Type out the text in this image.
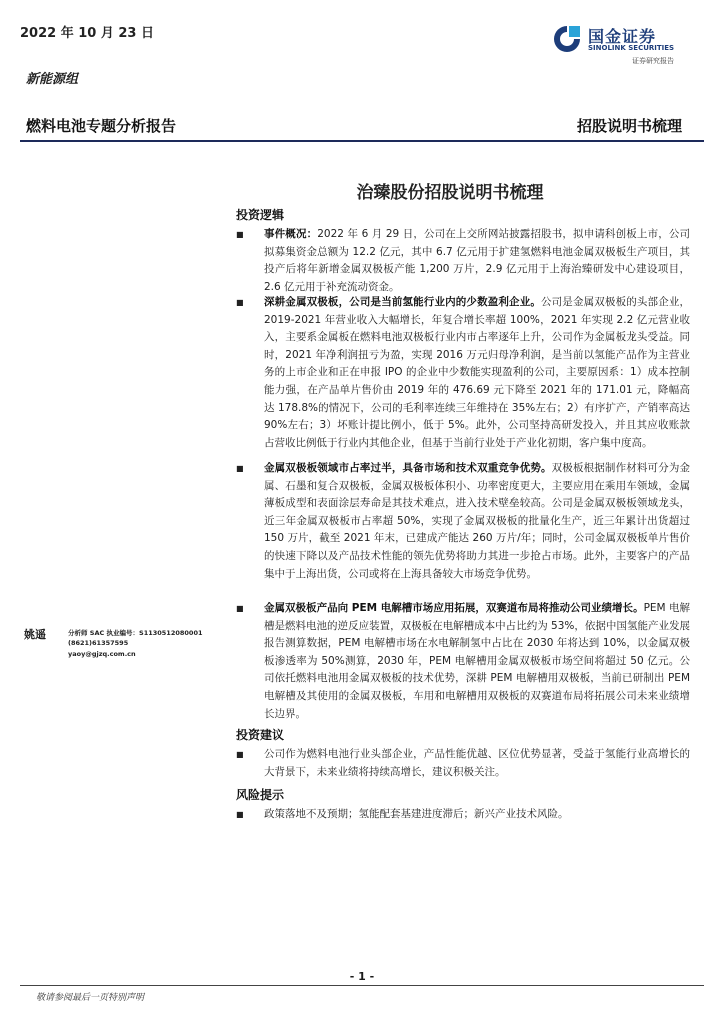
2022 年 10 月 23 日	国金证券
SINOLINK SECURITIES
证券研究报告
新能源组
燃料电池专题分析报告	招股说明书梳理
治臻股份招股说明书梳理
投资逻辑
■ 事件概况：2022 年 6 月 29 日，公司在上交所网站披露招股书，拟申请科创板上市，公司拟募集资金总额为 12.2 亿元，其中 6.7 亿元用于扩建氢燃料电池金属双极板生产项目，其投产后将年新增金属双极板产能 1,200 万片，2.9 亿元用于上海治臻研发中心建设项目，2.6 亿元用于补充流动资金。
■ 深耕金属双极板，公司是当前氢能行业内的少数盈利企业。公司是金属双极板的头部企业，2019-2021 年营业收入大幅增长，年复合增长率超 100%，2021 年实现 2.2 亿元营业收入，主要系金属板在燃料电池双极板行业内市占率逐年上升，公司作为金属板龙头受益。同时，2021 年净利润扭亏为盈，实现 2016 万元归母净利润，是当前以氢能产品作为主营业务的上市企业和正在申报 IPO 的企业中少数能实现盈利的公司，主要原因系：1）成本控制能力强，在产品单片售价由 2019 年的 476.69 元下降至 2021 年的 171.01 元，降幅高达 178.8%的情况下，公司的毛利率连续三年维持在 35%左右；2）有序扩产，产销率高达 90%左右；3）坏账计提比例小，低于 5%。此外，公司坚持高研发投入，并且其应收账款占营收比例低于行业内其他企业，但基于当前行业处于产业化初期，客户集中度高。
■ 金属双极板领域市占率过半，具备市场和技术双重竞争优势。双极板根据制作材料可分为金属、石墨和复合双极板，金属双极板体积小、功率密度更大，主要应用在乘用车领域，金属薄板成型和表面涂层寿命是其技术难点，进入技术壁垒较高。公司是金属双极板领域龙头，近三年金属双极板市占率超 50%，实现了金属双极板的批量化生产，近三年累计出货超过 150 万片，截至 2021 年末，已建成产能达 260 万片/年；同时，公司金属双极板单片售价的快速下降以及产品技术性能的领先优势将助力其进一步抢占市场。此外，主要客户的产品集中于上海出货，公司或将在上海具备较大市场竞争优势。
■ 金属双极板产品向 PEM 电解槽市场应用拓展，双赛道布局将推动公司业绩增长。PEM 电解槽是燃料电池的逆反应装置，双极板在电解槽成本中占比约为 53%，依据中国氢能产业发展报告测算数据，PEM 电解槽市场在水电解制氢中占比在 2030 年将达到 10%，以金属双极板渗透率为 50%测算，2030 年，PEM 电解槽用金属双极板市场空间将超过 50 亿元。公司依托燃料电池用金属双极板的技术优势，深耕 PEM 电解槽用双极板，当前已研制出 PEM 电解槽及其使用的金属双极板，车用和电解槽用双极板的双赛道布局将拓展公司未来业绩增长边界。
投资建议
■ 公司作为燃料电池行业头部企业，产品性能优越、区位优势显著，受益于氢能行业高增长的大背景下，未来业绩将持续高增长，建议积极关注。
风险提示
■ 政策落地不及预期；氢能配套基建进度滞后；新兴产业技术风险。
姚遥	分析师 SAC 执业编号：S1130512080001
(8621)61357595
yaoy@gjzq.com.cn
- 1 -
敬请参阅最后一页特别声明
